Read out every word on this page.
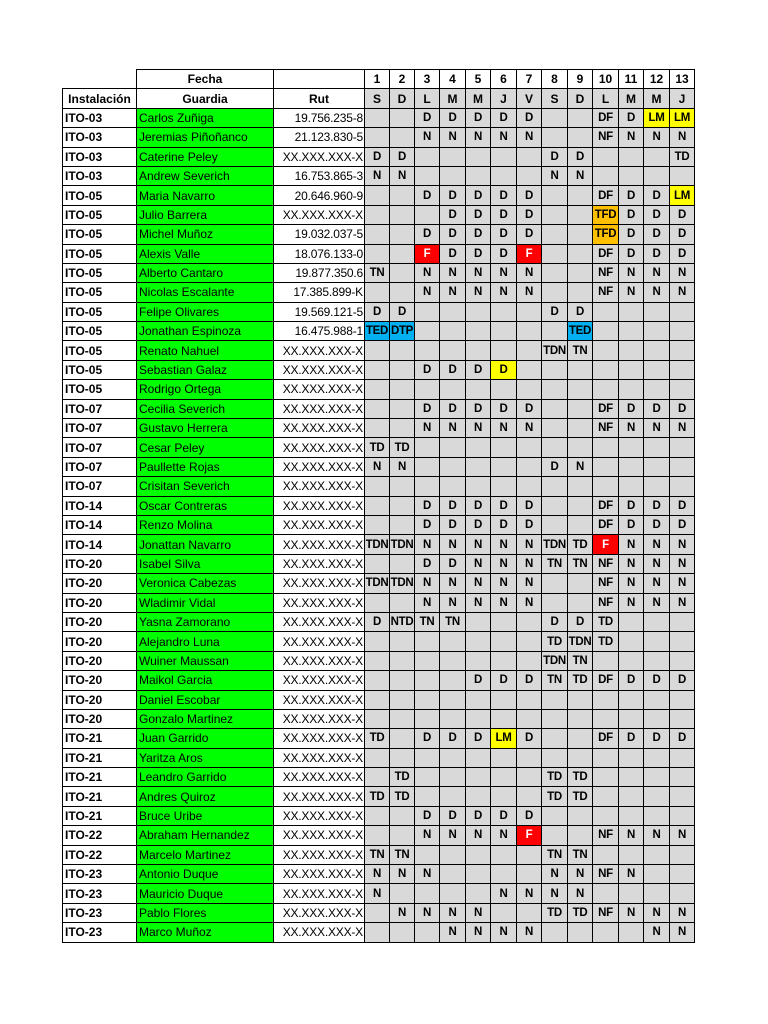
	Fecha		1	2	3	4	5	6	7	8	9	10	11	12	13
Instalación	Guardia	Rut	S	D	L	M	M	J	V	S	D	L	M	M	J
ITO-03	Carlos Zuñiga	19.756.235-8			D	D	D	D	D			DF	D	LM	LM
ITO-03	Jeremias Piñoñanco	21.123.830-5			N	N	N	N	N			NF	N	N	N
ITO-03	Caterine Peley	XX.XXX.XXX-X	D	D						D	D				TD
ITO-03	Andrew Severich	16.753.865-3	N	N						N	N				
ITO-05	Maria Navarro	20.646.960-9			D	D	D	D	D			DF	D	D	LM
ITO-05	Julio Barrera	XX.XXX.XXX-X				D	D	D	D			TFD	D	D	D
ITO-05	Michel Muñoz	19.032.037-5			D	D	D	D	D			TFD	D	D	D
ITO-05	Alexis Valle	18.076.133-0			F	D	D	D	F			DF	D	D	D
ITO-05	Alberto Cantaro	19.877.350.6	TN		N	N	N	N	N			NF	N	N	N
ITO-05	Nicolas Escalante	17.385.899-K			N	N	N	N	N			NF	N	N	N
ITO-05	Felipe Olivares	19.569.121-5	D	D						D	D				
ITO-05	Jonathan Espinoza	16.475.988-1	TED	DTP							TED				
ITO-05	Renato Nahuel	XX.XXX.XXX-X								TDN	TN				
ITO-05	Sebastian Galaz	XX.XXX.XXX-X			D	D	D	D							
ITO-05	Rodrigo Ortega	XX.XXX.XXX-X													
ITO-07	Cecilia Severich	XX.XXX.XXX-X			D	D	D	D	D			DF	D	D	D
ITO-07	Gustavo Herrera	XX.XXX.XXX-X			N	N	N	N	N			NF	N	N	N
ITO-07	Cesar Peley	XX.XXX.XXX-X	TD	TD											
ITO-07	Paullette Rojas	XX.XXX.XXX-X	N	N						D	N				
ITO-07	Crisitan Severich	XX.XXX.XXX-X													
ITO-14	Oscar Contreras	XX.XXX.XXX-X			D	D	D	D	D			DF	D	D	D
ITO-14	Renzo Molina	XX.XXX.XXX-X			D	D	D	D	D			DF	D	D	D
ITO-14	Jonattan Navarro	XX.XXX.XXX-X	TDN	TDN	N	N	N	N	N	TDN	TD	F	N	N	N
ITO-20	Isabel Silva	XX.XXX.XXX-X			D	D	N	N	N	TN	TN	NF	N	N	N
ITO-20	Veronica Cabezas	XX.XXX.XXX-X	TDN	TDN	N	N	N	N	N			NF	N	N	N
ITO-20	Wladimir Vidal	XX.XXX.XXX-X			N	N	N	N	N			NF	N	N	N
ITO-20	Yasna Zamorano	XX.XXX.XXX-X	D	NTD	TN	TN				D	D	TD			
ITO-20	Alejandro Luna	XX.XXX.XXX-X								TD	TDN	TD			
ITO-20	Wuiner Maussan	XX.XXX.XXX-X								TDN	TN				
ITO-20	Maikol Garcia	XX.XXX.XXX-X					D	D	D	TN	TD	DF	D	D	D
ITO-20	Daniel Escobar	XX.XXX.XXX-X													
ITO-20	Gonzalo Martinez	XX.XXX.XXX-X													
ITO-21	Juan Garrido	XX.XXX.XXX-X	TD		D	D	D	LM	D			DF	D	D	D
ITO-21	Yaritza Aros	XX.XXX.XXX-X													
ITO-21	Leandro Garrido	XX.XXX.XXX-X		TD						TD	TD				
ITO-21	Andres Quiroz	XX.XXX.XXX-X	TD	TD						TD	TD				
ITO-21	Bruce Uribe	XX.XXX.XXX-X			D	D	D	D	D						
ITO-22	Abraham Hernandez	XX.XXX.XXX-X			N	N	N	N	F			NF	N	N	N
ITO-22	Marcelo Martinez	XX.XXX.XXX-X	TN	TN						TN	TN				
ITO-23	Antonio Duque	XX.XXX.XXX-X	N	N	N					N	N	NF	N		
ITO-23	Mauricio Duque	XX.XXX.XXX-X	N					N	N	N	N				
ITO-23	Pablo Flores	XX.XXX.XXX-X		N	N	N	N			TD	TD	NF	N	N	N
ITO-23	Marco Muñoz	XX.XXX.XXX-X				N	N	N	N					N	N
